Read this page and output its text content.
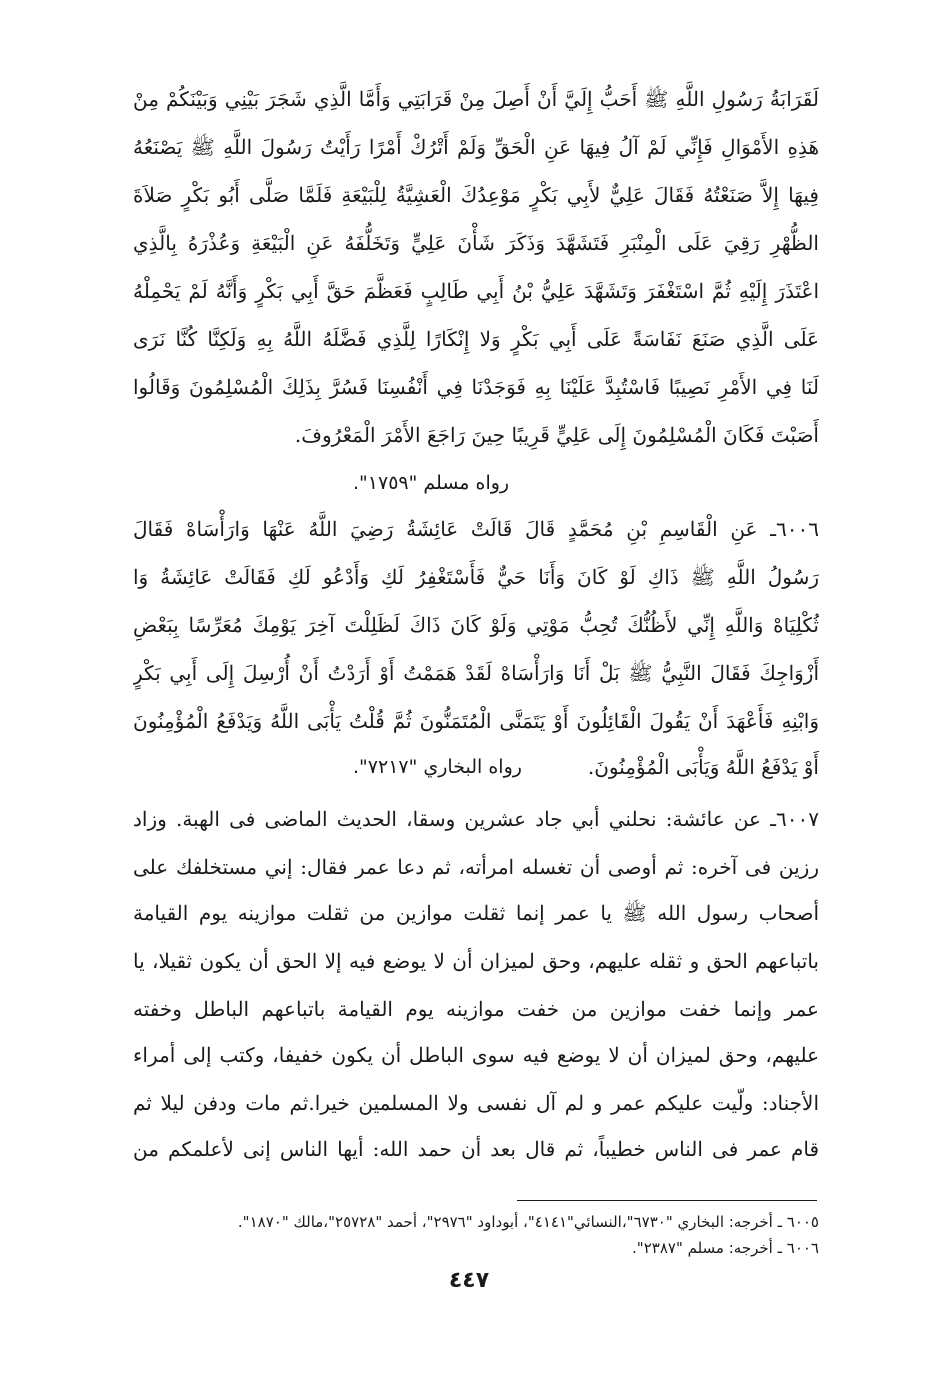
لَقَرَابَةُ رَسُولِ اللَّهِ ﷺ أَحَبُّ إِلَيَّ أَنْ أَصِلَ مِنْ قَرَابَتِي وَأَمَّا الَّذِي شَجَرَ بَيْنِي وَبَيْنَكُمْ مِنْ
هَذِهِ الأَمْوَالِ فَإِنِّي لَمْ آلُ فِيهَا عَنِ الْحَقِّ وَلَمْ أَتْرُكْ أَمْرًا رَأَيْتُ رَسُولَ اللَّهِ ﷺ يَصْنَعُهُ
فِيهَا إِلاَّ صَنَعْتُهُ فَقَالَ عَلِيٌّ لأَبِي بَكْرٍ مَوْعِدُكَ الْعَشِيَّةُ لِلْبَيْعَةِ فَلَمَّا صَلَّى أَبُو بَكْرٍ صَلاَةَ
الظُّهْرِ رَقِيَ عَلَى الْمِنْبَرِ فَتَشَهَّدَ وَذَكَرَ شَأْنَ عَلِيٍّ وَتَخَلُّفَهُ عَنِ الْبَيْعَةِ وَعُذْرَهُ بِالَّذِي
اعْتَذَرَ إِلَيْهِ ثُمَّ اسْتَغْفَرَ وَتَشَهَّدَ عَلِيُّ بْنُ أَبِي طَالِبٍ فَعَظَّمَ حَقَّ أَبِي بَكْرٍ وَأَنَّهُ لَمْ يَحْمِلْهُ
عَلَى الَّذِي صَنَعَ نَفَاسَةً عَلَى أَبِي بَكْرٍ وَلا إِنْكَارًا لِلَّذِي فَضَّلَهُ اللَّهُ بِهِ وَلَكِنَّا كُنَّا نَرَى
لَنَا فِي الأَمْرِ نَصِيبًا فَاسْتُبِدَّ عَلَيْنَا بِهِ فَوَجَدْنَا فِي أَنْفُسِنَا فَسُرَّ بِذَلِكَ الْمُسْلِمُونَ وَقَالُوا
أَصَبْتَ فَكَانَ الْمُسْلِمُونَ إِلَى عَلِيٍّ قَرِيبًا حِينَ رَاجَعَ الأَمْرَ الْمَعْرُوفَ.
رواه مسلم "١٧٥٩".
٦٠٠٦ـ عَنِ الْقَاسِمِ بْنِ مُحَمَّدٍ قَالَ قَالَتْ عَائِشَةُ رَضِيَ اللَّهُ عَنْهَا وَارَأْسَاهْ فَقَالَ
رَسُولُ اللَّهِ ﷺ ذَاكِ لَوْ كَانَ وَأَنَا حَيٌّ فَأَسْتَغْفِرُ لَكِ وَأَدْعُو لَكِ فَقَالَتْ عَائِشَةُ وَا
ثُكْلِيَاهْ وَاللَّهِ إِنِّي لأَظُنُّكَ تُحِبُّ مَوْتِي وَلَوْ كَانَ ذَاكَ لَظَلِلْتَ آخِرَ يَوْمِكَ مُعَرِّسًا بِبَعْضِ
أَزْوَاجِكَ فَقَالَ النَّبِيُّ ﷺ بَلْ أَنَا وَارَأْسَاهْ لَقَدْ هَمَمْتُ أَوْ أَرَدْتُ أَنْ أُرْسِلَ إِلَى أَبِي بَكْرٍ
وَابْنِهِ فَأَعْهَدَ أَنْ يَقُولَ الْقَائِلُونَ أَوْ يَتَمَنَّى الْمُتَمَنُّونَ ثُمَّ قُلْتُ يَأْبَى اللَّهُ وَيَدْفَعُ الْمُؤْمِنُونَ
أَوْ يَدْفَعُ اللَّهُ وَيَأْبَى الْمُؤْمِنُونَ.
رواه البخاري "٧٢١٧".
٦٠٠٧ـ عن عائشة: نحلني أبي جاد عشرين وسقا، الحديث الماضى فى الهبة. وزاد
رزين فى آخره: ثم أوصى أن تغسله امرأته، ثم دعا عمر فقال: إني مستخلفك على
أصحاب رسول الله ﷺ يا عمر إنما ثقلت موازين من ثقلت موازينه يوم القيامة
باتباعهم الحق و ثقله عليهم، وحق لميزان أن لا يوضع فيه إلا الحق أن يكون ثقيلا، يا
عمر وإنما خفت موازين من خفت موازينه يوم القيامة باتباعهم الباطل وخفته
عليهم، وحق لميزان أن لا يوضع فيه سوى الباطل أن يكون خفيفا، وكتب إلى أمراء
الأجناد: ولّيت عليكم عمر و لم آل نفسى ولا المسلمين خيرا.ثم مات ودفن ليلا ثم
قام عمر فى الناس خطيباً، ثم قال بعد أن حمد الله: أيها الناس إنى لأعلمكم من
٦٠٠٥ ـ أخرجه: البخاري "٦٧٣٠"،النسائي"٤١٤١"، أبوداود "٢٩٧٦"، أحمد "٢٥٧٢٨"،مالك "١٨٧٠".
٦٠٠٦ ـ أخرجه: مسلم "٢٣٨٧".
٤٤٧
